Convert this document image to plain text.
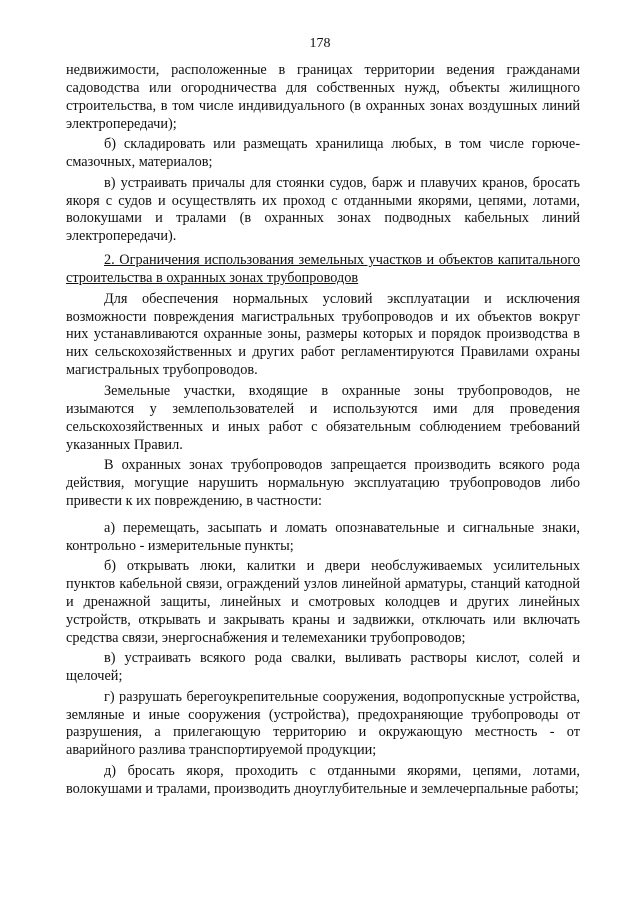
178

недвижимости, расположенные в границах территории ведения гражданами садоводства или огородничества для собственных нужд, объекты жилищного строительства, в том числе индивидуального (в охранных зонах воздушных линий электропередачи);

б) складировать или размещать хранилища любых, в том числе горюче-смазочных, материалов;

в) устраивать причалы для стоянки судов, барж и плавучих кранов, бросать якоря с судов и осуществлять их проход с отданными якорями, цепями, лотами, волокушами и тралами (в охранных зонах подводных кабельных линий электропередачи).

2. Ограничения использования земельных участков и объектов капитального строительства в охранных зонах трубопроводов

Для обеспечения нормальных условий эксплуатации и исключения возможности повреждения магистральных трубопроводов и их объектов вокруг них устанавливаются охранные зоны, размеры которых и порядок производства в них сельскохозяйственных и других работ регламентируются Правилами охраны магистральных трубопроводов.

Земельные участки, входящие в охранные зоны трубопроводов, не изымаются у землепользователей и используются ими для проведения сельскохозяйственных и иных работ с обязательным соблюдением требований указанных Правил.

В охранных зонах трубопроводов запрещается производить всякого рода действия, могущие нарушить нормальную эксплуатацию трубопроводов либо привести к их повреждению, в частности:

а) перемещать, засыпать и ломать опознавательные и сигнальные знаки, контрольно - измерительные пункты;

б) открывать люки, калитки и двери необслуживаемых усилительных пунктов кабельной связи, ограждений узлов линейной арматуры, станций катодной и дренажной защиты, линейных и смотровых колодцев и других линейных устройств, открывать и закрывать краны и задвижки, отключать или включать средства связи, энергоснабжения и телемеханики трубопроводов;

в) устраивать всякого рода свалки, выливать растворы кислот, солей и щелочей;

г) разрушать берегоукрепительные сооружения, водопропускные устройства, земляные и иные сооружения (устройства), предохраняющие трубопроводы от разрушения, а прилегающую территорию и окружающую местность - от аварийного разлива транспортируемой продукции;

д) бросать якоря, проходить с отданными якорями, цепями, лотами, волокушами и тралами, производить дноуглубительные и землечерпальные работы;
